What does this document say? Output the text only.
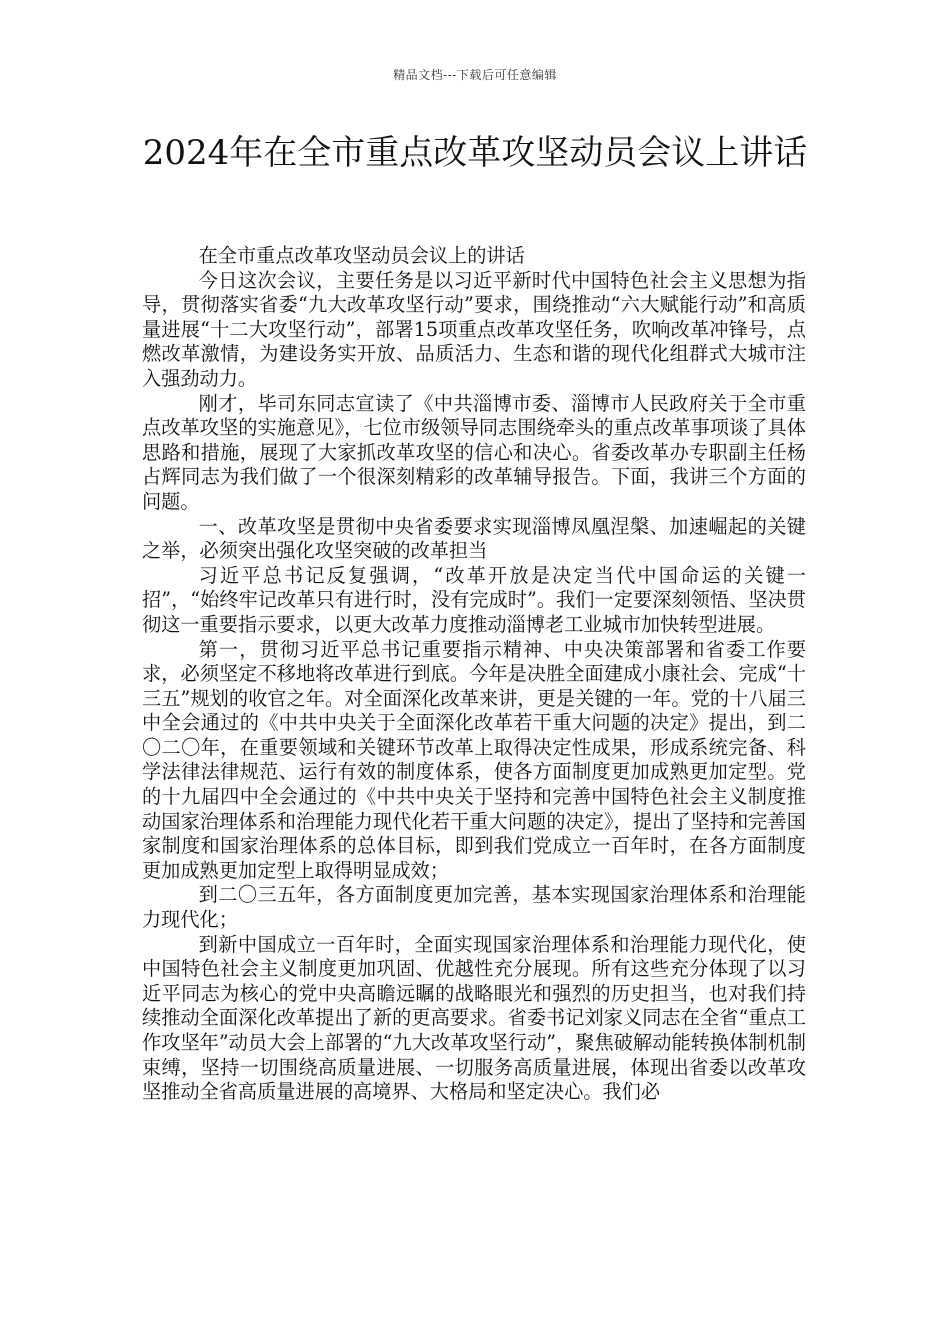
精品文档---下载后可任意编辑
2024年在全市重点改革攻坚动员会议上讲话

在全市重点改革攻坚动员会议上的讲话

今日这次会议，主要任务是以习近平新时代中国特色社会主义思想为指导，贯彻落实省委“九大改革攻坚行动”要求，围绕推动“六大赋能行动”和高质量进展“十二大攻坚行动”，部署15项重点改革攻坚任务，吹响改革冲锋号，点燃改革激情，为建设务实开放、品质活力、生态和谐的现代化组群式大城市注入强劲动力。

刚才，毕司东同志宣读了《中共淄博市委、淄博市人民政府关于全市重点改革攻坚的实施意见》，七位市级领导同志围绕牵头的重点改革事项谈了具体思路和措施，展现了大家抓改革攻坚的信心和决心。省委改革办专职副主任杨占辉同志为我们做了一个很深刻精彩的改革辅导报告。下面，我讲三个方面的问题。

一、改革攻坚是贯彻中央省委要求实现淄博凤凰涅槃、加速崛起的关键之举，必须突出强化攻坚突破的改革担当

习近平总书记反复强调，“改革开放是决定当代中国命运的关键一招”，“始终牢记改革只有进行时，没有完成时”。我们一定要深刻领悟、坚决贯彻这一重要指示要求，以更大改革力度推动淄博老工业城市加快转型进展。

第一，贯彻习近平总书记重要指示精神、中央决策部署和省委工作要求，必须坚定不移地将改革进行到底。今年是决胜全面建成小康社会、完成“十三五”规划的收官之年。对全面深化改革来讲，更是关键的一年。党的十八届三中全会通过的《中共中央关于全面深化改革若干重大问题的决定》提出，到二〇二〇年，在重要领域和关键环节改革上取得决定性成果，形成系统完备、科学法律法律规范、运行有效的制度体系，使各方面制度更加成熟更加定型。党的十九届四中全会通过的《中共中央关于坚持和完善中国特色社会主义制度推动国家治理体系和治理能力现代化若干重大问题的决定》，提出了坚持和完善国家制度和国家治理体系的总体目标，即到我们党成立一百年时，在各方面制度更加成熟更加定型上取得明显成效；

到二〇三五年，各方面制度更加完善，基本实现国家治理体系和治理能力现代化；

到新中国成立一百年时，全面实现国家治理体系和治理能力现代化，使中国特色社会主义制度更加巩固、优越性充分展现。所有这些充分体现了以习近平同志为核心的党中央高瞻远瞩的战略眼光和强烈的历史担当，也对我们持续推动全面深化改革提出了新的更高要求。省委书记刘家义同志在全省“重点工作攻坚年”动员大会上部署的“九大改革攻坚行动”，聚焦破解动能转换体制机制束缚，坚持一切围绕高质量进展、一切服务高质量进展，体现出省委以改革攻坚推动全省高质量进展的高境界、大格局和坚定决心。我们必
